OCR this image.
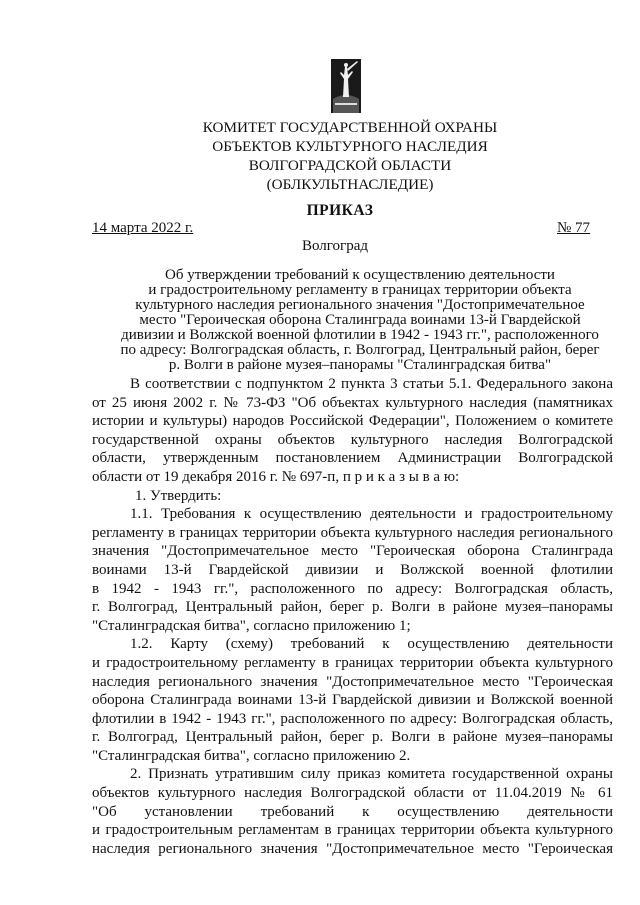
КОМИТЕТ ГОСУДАРСТВЕННОЙ ОХРАНЫ
ОБЪЕКТОВ КУЛЬТУРНОГО НАСЛЕДИЯ
ВОЛГОГРАДСКОЙ ОБЛАСТИ
(ОБЛКУЛЬТНАСЛЕДИЕ)
ПРИКАЗ
14 марта 2022 г.	№ 77
Волгоград
Об утверждении требований к осуществлению деятельности
и градостроительному регламенту в границах территории объекта
культурного наследия регионального значения "Достопримечательное
место "Героическая оборона Сталинграда воинами 13-й Гвардейской
дивизии и Волжской военной флотилии в 1942 - 1943 гг.", расположенного
по адресу: Волгоградская область, г. Волгоград, Центральный район, берег
р. Волги в районе музея–панорамы "Сталинградская битва"
В соответствии с подпунктом 2 пункта 3 статьи 5.1. Федерального закона
от 25 июня 2002 г. № 73-ФЗ "Об объектах культурного наследия (памятниках
истории и культуры) народов Российской Федерации", Положением о комитете
государственной охраны объектов культурного наследия Волгоградской
области, утвержденным постановлением Администрации Волгоградской
области от 19 декабря 2016 г. № 697-п, п р и к а з ы в а ю:
1. Утвердить:
1.1. Требования к осуществлению деятельности и градостроительному
регламенту в границах территории объекта культурного наследия регионального
значения "Достопримечательное место "Героическая оборона Сталинграда
воинами 13-й Гвардейской дивизии и Волжской военной флотилии
в 1942 - 1943 гг.", расположенного по адресу: Волгоградская область,
г. Волгоград, Центральный район, берег р. Волги в районе музея–панорамы
"Сталинградская битва", согласно приложению 1;
1.2. Карту (схему) требований к осуществлению деятельности
и градостроительному регламенту в границах территории объекта культурного
наследия регионального значения "Достопримечательное место "Героическая
оборона Сталинграда воинами 13-й Гвардейской дивизии и Волжской военной
флотилии в 1942 - 1943 гг.", расположенного по адресу: Волгоградская область,
г. Волгоград, Центральный район, берег р. Волги в районе музея–панорамы
"Сталинградская битва", согласно приложению 2.
2. Признать утратившим силу приказ комитета государственной охраны
объектов культурного наследия Волгоградской области от 11.04.2019 № 61
"Об установлении требований к осуществлению деятельности
и градостроительным регламентам в границах территории объекта культурного
наследия регионального значения "Достопримечательное место "Героическая
